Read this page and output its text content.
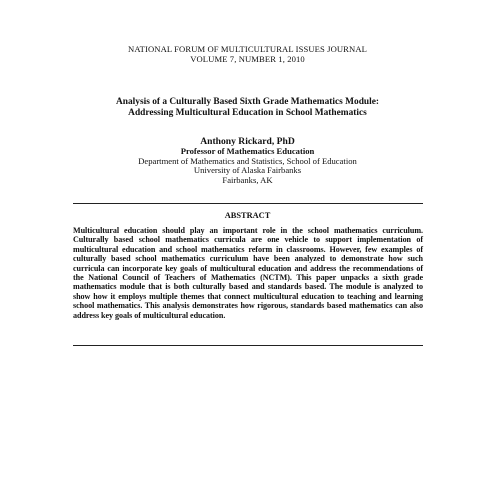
NATIONAL FORUM OF MULTICULTURAL ISSUES JOURNAL
VOLUME 7, NUMBER 1, 2010
Analysis of a Culturally Based Sixth Grade Mathematics Module:
Addressing Multicultural Education in School Mathematics
Anthony Rickard, PhD
Professor of Mathematics Education
Department of Mathematics and Statistics, School of Education
University of Alaska Fairbanks
Fairbanks, AK
ABSTRACT
Multicultural education should play an important role in the school mathematics curriculum. Culturally based school mathematics curricula are one vehicle to support implementation of multicultural education and school mathematics reform in classrooms. However, few examples of culturally based school mathematics curriculum have been analyzed to demonstrate how such curricula can incorporate key goals of multicultural education and address the recommendations of the National Council of Teachers of Mathematics (NCTM). This paper unpacks a sixth grade mathematics module that is both culturally based and standards based. The module is analyzed to show how it employs multiple themes that connect multicultural education to teaching and learning school mathematics. This analysis demonstrates how rigorous, standards based mathematics can also address key goals of multicultural education.
